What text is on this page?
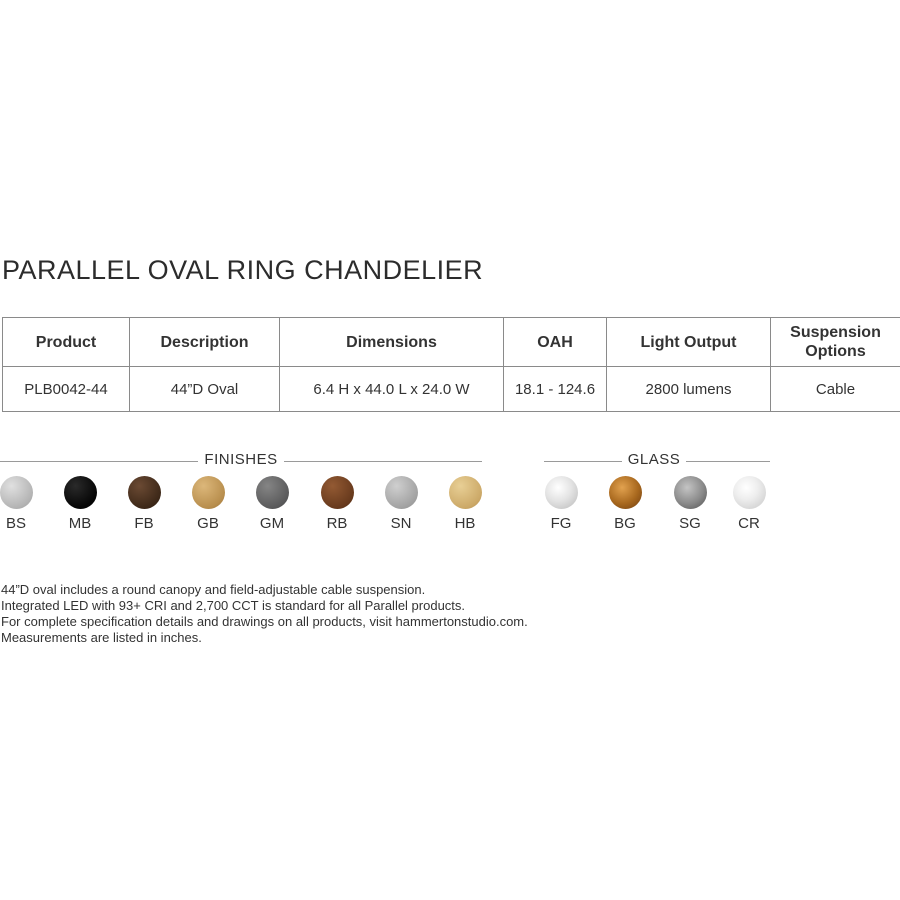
PARALLEL OVAL RING CHANDELIER
Product	Description	Dimensions	OAH	Light Output	Suspension Options
PLB0042-44	44”D Oval	6.4 H x 44.0 L x 24.0 W	18.1 - 124.6	2800 lumens	Cable
FINISHES
BS	MB	FB	GB	GM	RB	SN	HB
GLASS
FG	BG	SG	CR
44”D oval includes a round canopy and field-adjustable cable suspension.
Integrated LED with 93+ CRI and 2,700 CCT is standard for all Parallel products.
For complete specification details and drawings on all products, visit hammertonstudio.com.
Measurements are listed in inches.
